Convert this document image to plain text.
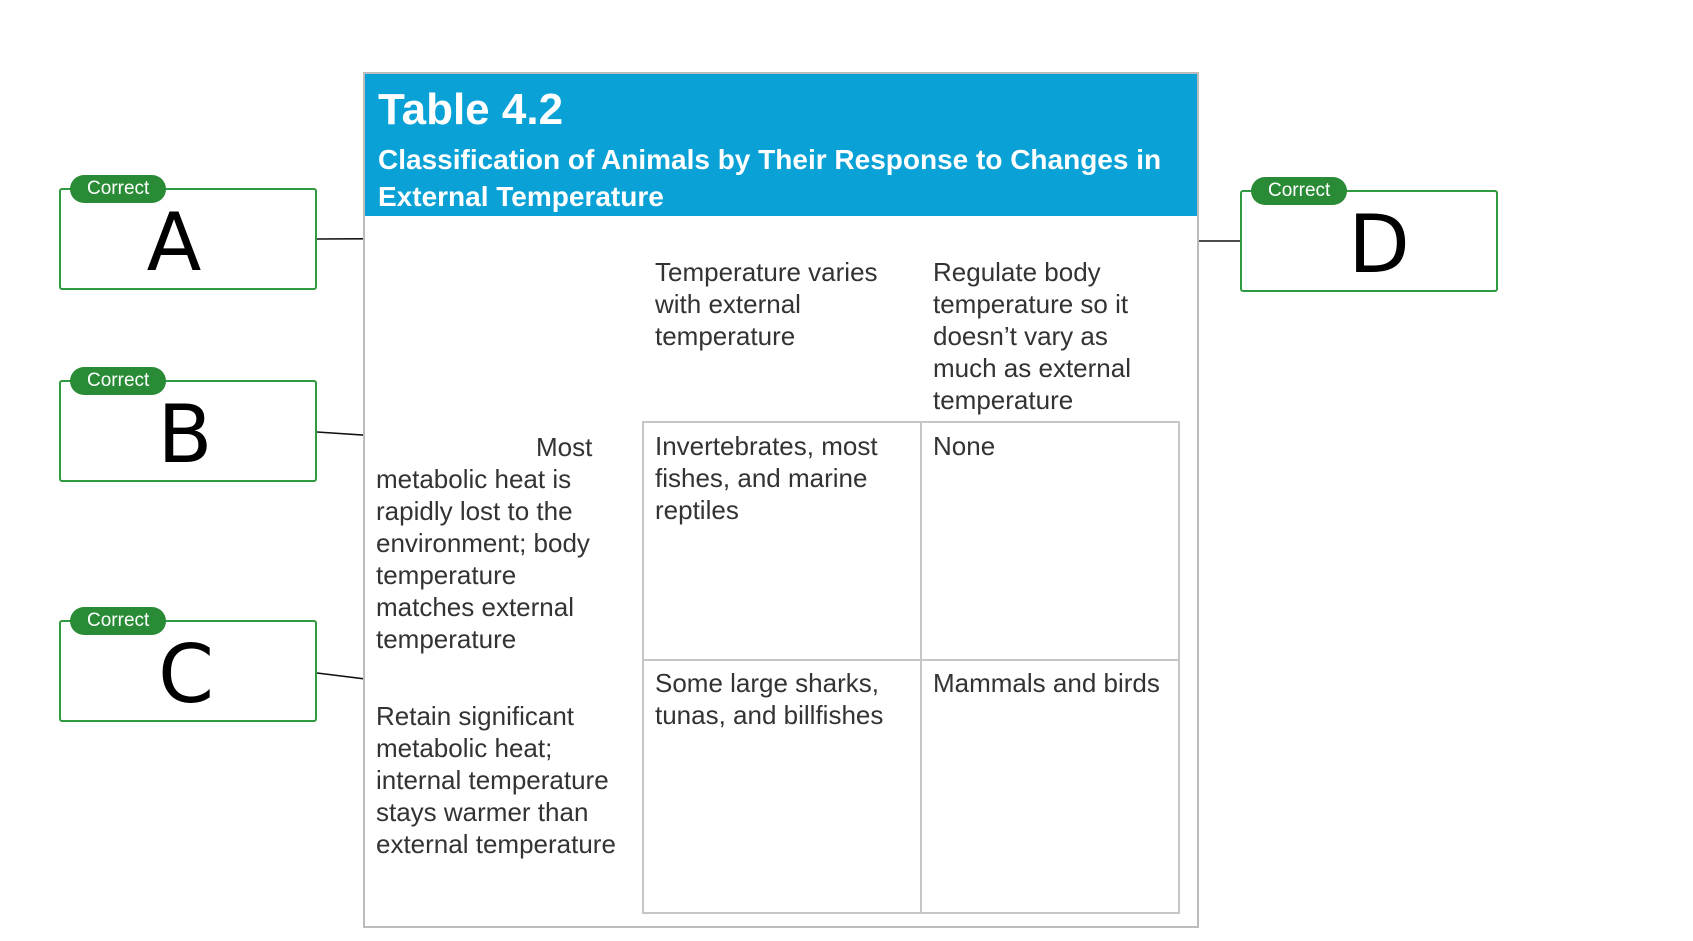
Table 4.2
Classification of Animals by Their Response to Changes in External Temperature
Temperature varies with external temperature
Regulate body temperature so it doesn’t vary as much as external temperature
Most metabolic heat is rapidly lost to the environment; body temperature matches external temperature
Retain significant metabolic heat; internal temperature stays warmer than external temperature
Invertebrates, most fishes, and marine reptiles
None
Some large sharks, tunas, and billfishes
Mammals and birds
Correct
A
Correct
B
Correct
C
Correct
D
